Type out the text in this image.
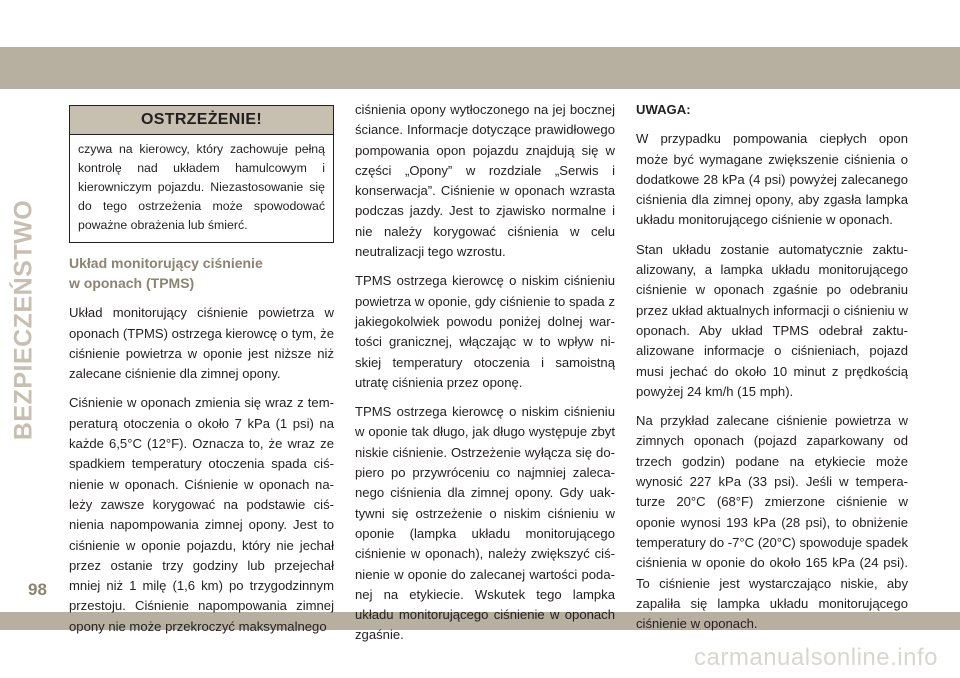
BEZPIECZEŃSTWO
98
OSTRZEŻENIE!
czywa na kierowcy, który zachowuje pełną kontrolę nad układem hamulcowym i kierowniczym pojazdu. Niezastosowanie się do tego ostrzeżenia może spowodować poważne obrażenia lub śmierć.
Układ monitorujący ciśnienie
w oponach (TPMS)

Układ monitorujący ciśnienie powietrza w oponach (TPMS) ostrzega kierowcę o tym, że ciśnienie powietrza w oponie jest niższe niż zalecane ciśnienie dla zimnej opony.

Ciśnienie w oponach zmienia się wraz z temperaturą otoczenia o około 7 kPa (1 psi) na każde 6,5°C (12°F). Oznacza to, że wraz ze spadkiem temperatury otoczenia spada ciśnienie w oponach. Ciśnienie w oponach należy zawsze korygować na podstawie ciśnienia napompowania zimnej opony. Jest to ciśnienie w oponie pojazdu, który nie jechał przez ostanie trzy godziny lub przejechał mniej niż 1 milę (1,6 km) po trzygodzinnym przestoju. Ciśnienie napompowania zimnej opony nie może przekroczyć maksymalnego

ciśnienia opony wytłoczonego na jej bocznej ściance. Informacje dotyczące prawidłowego pompowania opon pojazdu znajdują się w części „Opony” w rozdziale „Serwis i konserwacja”. Ciśnienie w oponach wzrasta podczas jazdy. Jest to zjawisko normalne i nie należy korygować ciśnienia w celu neutralizacji tego wzrostu.

TPMS ostrzega kierowcę o niskim ciśnieniu powietrza w oponie, gdy ciśnienie to spada z jakiegokolwiek powodu poniżej dolnej wartości granicznej, włączając w to wpływ niskiej temperatury otoczenia i samoistną utratę ciśnienia przez oponę.

TPMS ostrzega kierowcę o niskim ciśnieniu w oponie tak długo, jak długo występuje zbyt niskie ciśnienie. Ostrzeżenie wyłącza się dopiero po przywróceniu co najmniej zalecanego ciśnienia dla zimnej opony. Gdy uaktywni się ostrzeżenie o niskim ciśnieniu w oponie (lampka układu monitorującego ciśnienie w oponach), należy zwiększyć ciśnienie w oponie do zalecanej wartości podanej na etykiecie. Wskutek tego lampka układu monitorującego ciśnienie w oponach zgaśnie.

UWAGA:

W przypadku pompowania ciepłych opon może być wymagane zwiększenie ciśnienia o dodatkowe 28 kPa (4 psi) powyżej zalecanego ciśnienia dla zimnej opony, aby zgasła lampka układu monitorującego ciśnienie w oponach.

Stan układu zostanie automatycznie zaktualizowany, a lampka układu monitorującego ciśnienie w oponach zgaśnie po odebraniu przez układ aktualnych informacji o ciśnieniu w oponach. Aby układ TPMS odebrał zaktualizowane informacje o ciśnieniach, pojazd musi jechać do około 10 minut z prędkością powyżej 24 km/h (15 mph).

Na przykład zalecane ciśnienie powietrza w zimnych oponach (pojazd zaparkowany od trzech godzin) podane na etykiecie może wynosić 227 kPa (33 psi). Jeśli w temperaturze 20°C (68°F) zmierzone ciśnienie w oponie wynosi 193 kPa (28 psi), to obniżenie temperatury do -7°C (20°C) spowoduje spadek ciśnienia w oponie do około 165 kPa (24 psi). To ciśnienie jest wystarczająco niskie, aby zapaliła się lampka układu monitorującego ciśnienie w oponach.

carmanualsonline.info
